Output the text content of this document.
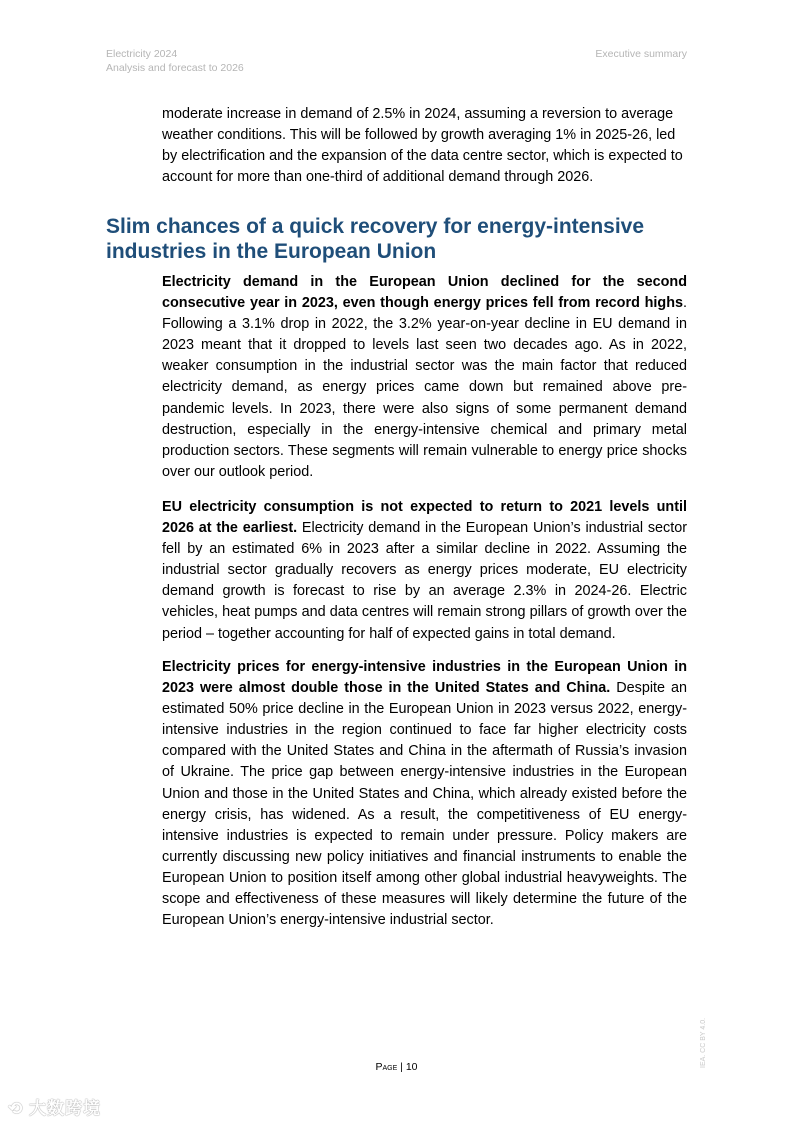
Electricity 2024
Analysis and forecast to 2026
Executive summary

moderate increase in demand of 2.5% in 2024, assuming a reversion to average weather conditions. This will be followed by growth averaging 1% in 2025-26, led by electrification and the expansion of the data centre sector, which is expected to account for more than one-third of additional demand through 2026.

Slim chances of a quick recovery for energy-intensive industries in the European Union

Electricity demand in the European Union declined for the second consecutive year in 2023, even though energy prices fell from record highs. Following a 3.1% drop in 2022, the 3.2% year-on-year decline in EU demand in 2023 meant that it dropped to levels last seen two decades ago. As in 2022, weaker consumption in the industrial sector was the main factor that reduced electricity demand, as energy prices came down but remained above pre-pandemic levels. In 2023, there were also signs of some permanent demand destruction, especially in the energy-intensive chemical and primary metal production sectors. These segments will remain vulnerable to energy price shocks over our outlook period.

EU electricity consumption is not expected to return to 2021 levels until 2026 at the earliest. Electricity demand in the European Union’s industrial sector fell by an estimated 6% in 2023 after a similar decline in 2022. Assuming the industrial sector gradually recovers as energy prices moderate, EU electricity demand growth is forecast to rise by an average 2.3% in 2024-26. Electric vehicles, heat pumps and data centres will remain strong pillars of growth over the period – together accounting for half of expected gains in total demand.

Electricity prices for energy-intensive industries in the European Union in 2023 were almost double those in the United States and China. Despite an estimated 50% price decline in the European Union in 2023 versus 2022, energy-intensive industries in the region continued to face far higher electricity costs compared with the United States and China in the aftermath of Russia’s invasion of Ukraine. The price gap between energy-intensive industries in the European Union and those in the United States and China, which already existed before the energy crisis, has widened. As a result, the competitiveness of EU energy-intensive industries is expected to remain under pressure. Policy makers are currently discussing new policy initiatives and financial instruments to enable the European Union to position itself among other global industrial heavyweights. The scope and effectiveness of these measures will likely determine the future of the European Union’s energy-intensive industrial sector.

IEA. CC BY 4.0.
Page | 10
⟲ 大数跨境
